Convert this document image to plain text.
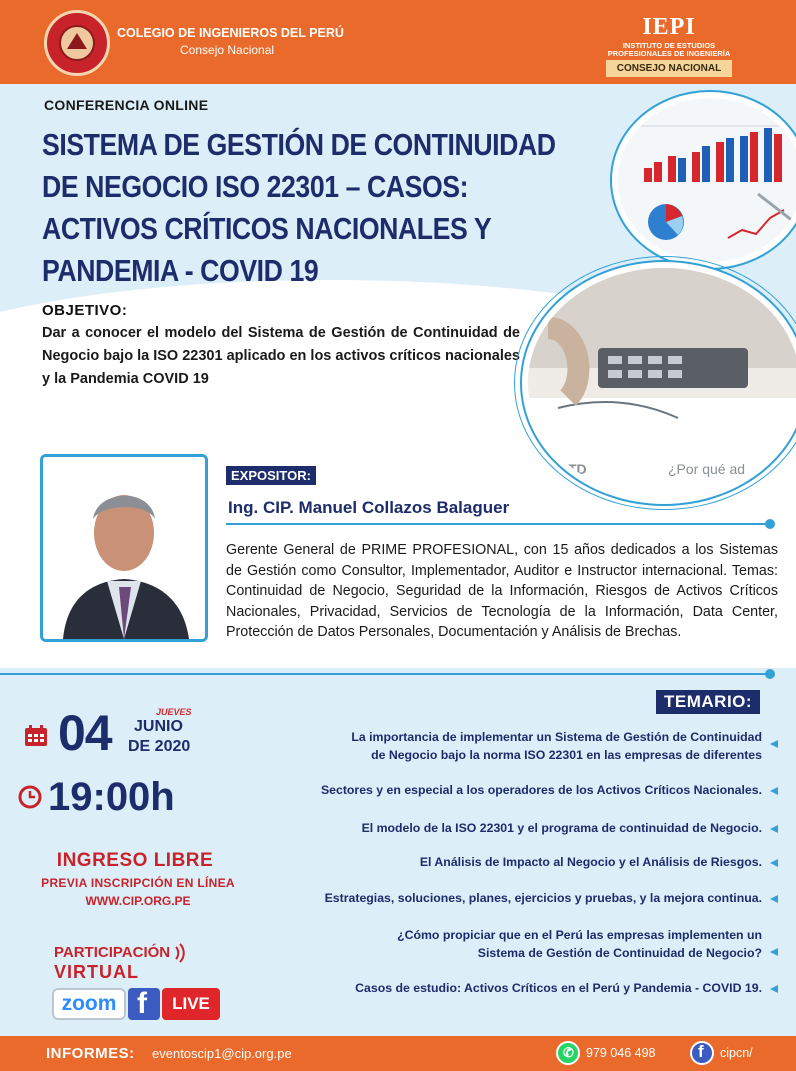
COLEGIO DE INGENIEROS DEL PERÚ
Consejo Nacional
IEPI
INSTITUTO DE ESTUDIOS
PROFESIONALES DE INGENIERÍA
CONSEJO NACIONAL
CONFERENCIA ONLINE
SISTEMA DE GESTIÓN DE CONTINUIDAD
DE NEGOCIO ISO 22301 – CASOS:
ACTIVOS CRÍTICOS NACIONALES Y
PANDEMIA - COVID 19
OBJETIVO:
Dar a conocer el modelo del Sistema de Gestión de Continuidad de Negocio bajo la ISO 22301 aplicado en los activos críticos nacionales y la Pandemia COVID 19
¿Por qué ad
TD
EXPOSITOR:
Ing. CIP. Manuel Collazos Balaguer
Gerente General de PRIME PROFESIONAL, con 15 años dedicados a los Sistemas de Gestión como Consultor, Implementador, Auditor e Instructor internacional. Temas: Continuidad de Negocio, Seguridad de la Información, Riesgos de Activos Críticos Nacionales, Privacidad, Servicios de Tecnología de la Información, Data Center, Protección de Datos Personales, Documentación y Análisis de Brechas.
04	JUEVES
JUNIO
DE 2020
19:00h
INGRESO LIBRE
PREVIA INSCRIPCIÓN EN LÍNEA
WWW.CIP.ORG.PE
PARTICIPACIÓN
VIRTUAL
zoom f	LIVE
TEMARIO:
La importancia de implementar un Sistema de Gestión de Continuidad
de Negocio bajo la norma ISO 22301 en las empresas de diferentes
Sectores y en especial a los operadores de los Activos Críticos Nacionales.
El modelo de la ISO 22301 y el programa de continuidad de Negocio.
El Análisis de Impacto al Negocio y el Análisis de Riesgos.
Estrategias, soluciones, planes, ejercicios y pruebas, y la mejora continua.
¿Cómo propiciar que en el Perú las empresas implementen un
Sistema de Gestión de Continuidad de Negocio?
Casos de estudio: Activos Críticos en el Perú y Pandemia - COVID 19.
INFORMES: eventoscip1@cip.org.pe	✆ 979 046 498 f cipcn/
